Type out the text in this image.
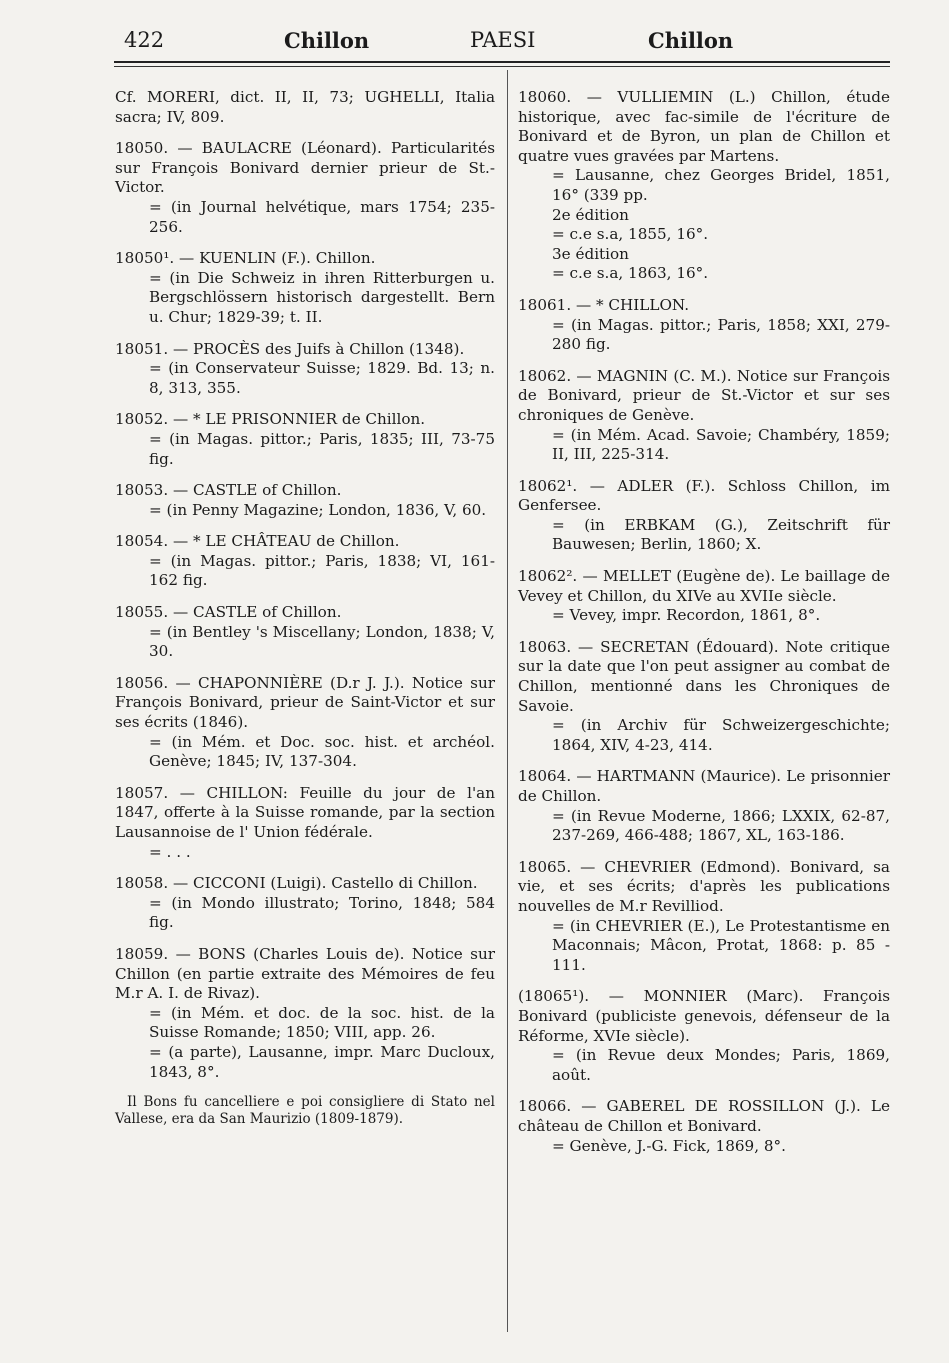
422	Chillon	PAESI	Chillon

Cf. MORERI, dict. II, II, 73; UGHELLI, Italia sacra; IV, 809.

18050. — BAULACRE (Léonard). Particularités sur François Bonivard dernier prieur de St.-Victor.

= (in Journal helvétique, mars 1754; 235-256.

18050¹. — KUENLIN (F.). Chillon.

= (in Die Schweiz in ihren Ritterburgen u. Bergschlössern historisch dargestellt. Bern u. Chur; 1829-39; t. II.

18051. — PROCÈS des Juifs à Chillon (1348).

= (in Conservateur Suisse; 1829. Bd. 13; n. 8, 313, 355.

18052. — * LE PRISONNIER de Chillon.

= (in Magas. pittor.; Paris, 1835; III, 73-75 fig.

18053. — CASTLE of Chillon.

= (in Penny Magazine; London, 1836, V, 60.

18054. — * LE CHÂTEAU de Chillon.

= (in Magas. pittor.; Paris, 1838; VI, 161-162 fig.

18055. — CASTLE of Chillon.

= (in Bentley 's Miscellany; London, 1838; V, 30.

18056. — CHAPONNIÈRE (D.r J. J.). Notice sur François Bonivard, prieur de Saint-Victor et sur ses écrits (1846).

= (in Mém. et Doc. soc. hist. et archéol. Genève; 1845; IV, 137-304.

18057. — CHILLON: Feuille du jour de l'an 1847, offerte à la Suisse romande, par la section Lausannoise de l' Union fédérale.

= . . .

18058. — CICCONI (Luigi). Castello di Chillon.

= (in Mondo illustrato; Torino, 1848; 584 fig.

18059. — BONS (Charles Louis de). Notice sur Chillon (en partie extraite des Mémoires de feu M.r A. I. de Rivaz).

= (in Mém. et doc. de la soc. hist. de la Suisse Romande; 1850; VIII, app. 26.

= (a parte), Lausanne, impr. Marc Ducloux, 1843, 8°.

Il Bons fu cancelliere e poi consigliere di Stato nel Vallese, era da San Maurizio (1809-1879).

18060. — VULLIEMIN (L.) Chillon, étude historique, avec fac-simile de l'écriture de Bonivard et de Byron, un plan de Chillon et quatre vues gravées par Martens.

= Lausanne, chez Georges Bridel, 1851, 16° (339 pp.

2e édition

= c.e s.a, 1855, 16°.

3e édition

= c.e s.a, 1863, 16°.

18061. — * CHILLON.

= (in Magas. pittor.; Paris, 1858; XXI, 279-280 fig.

18062. — MAGNIN (C. M.). Notice sur François de Bonivard, prieur de St.-Victor et sur ses chroniques de Genève.

= (in Mém. Acad. Savoie; Chambéry, 1859; II, III, 225-314.

18062¹. — ADLER (F.). Schloss Chillon, im Genfersee.

= (in ERBKAM (G.), Zeitschrift für Bauwesen; Berlin, 1860; X.

18062². — MELLET (Eugène de). Le baillage de Vevey et Chillon, du XIVe au XVIIe siècle.

= Vevey, impr. Recordon, 1861, 8°.

18063. — SECRETAN (Édouard). Note critique sur la date que l'on peut assigner au combat de Chillon, mentionné dans les Chroniques de Savoie.

= (in Archiv für Schweizergeschichte; 1864, XIV, 4-23, 414.

18064. — HARTMANN (Maurice). Le prisonnier de Chillon.

= (in Revue Moderne, 1866; LXXIX, 62-87, 237-269, 466-488; 1867, XL, 163-186.

18065. — CHEVRIER (Edmond). Bonivard, sa vie, et ses écrits; d'après les publications nouvelles de M.r Revilliod.

= (in CHEVRIER (E.), Le Protestantisme en Maconnais; Mâcon, Protat, 1868: p. 85 - 111.

(18065¹). — MONNIER (Marc). François Bonivard (publiciste genevois, défenseur de la Réforme, XVIe siècle).

= (in Revue deux Mondes; Paris, 1869, août.

18066. — GABEREL DE ROSSILLON (J.). Le château de Chillon et Bonivard.

= Genève, J.-G. Fick, 1869, 8°.
